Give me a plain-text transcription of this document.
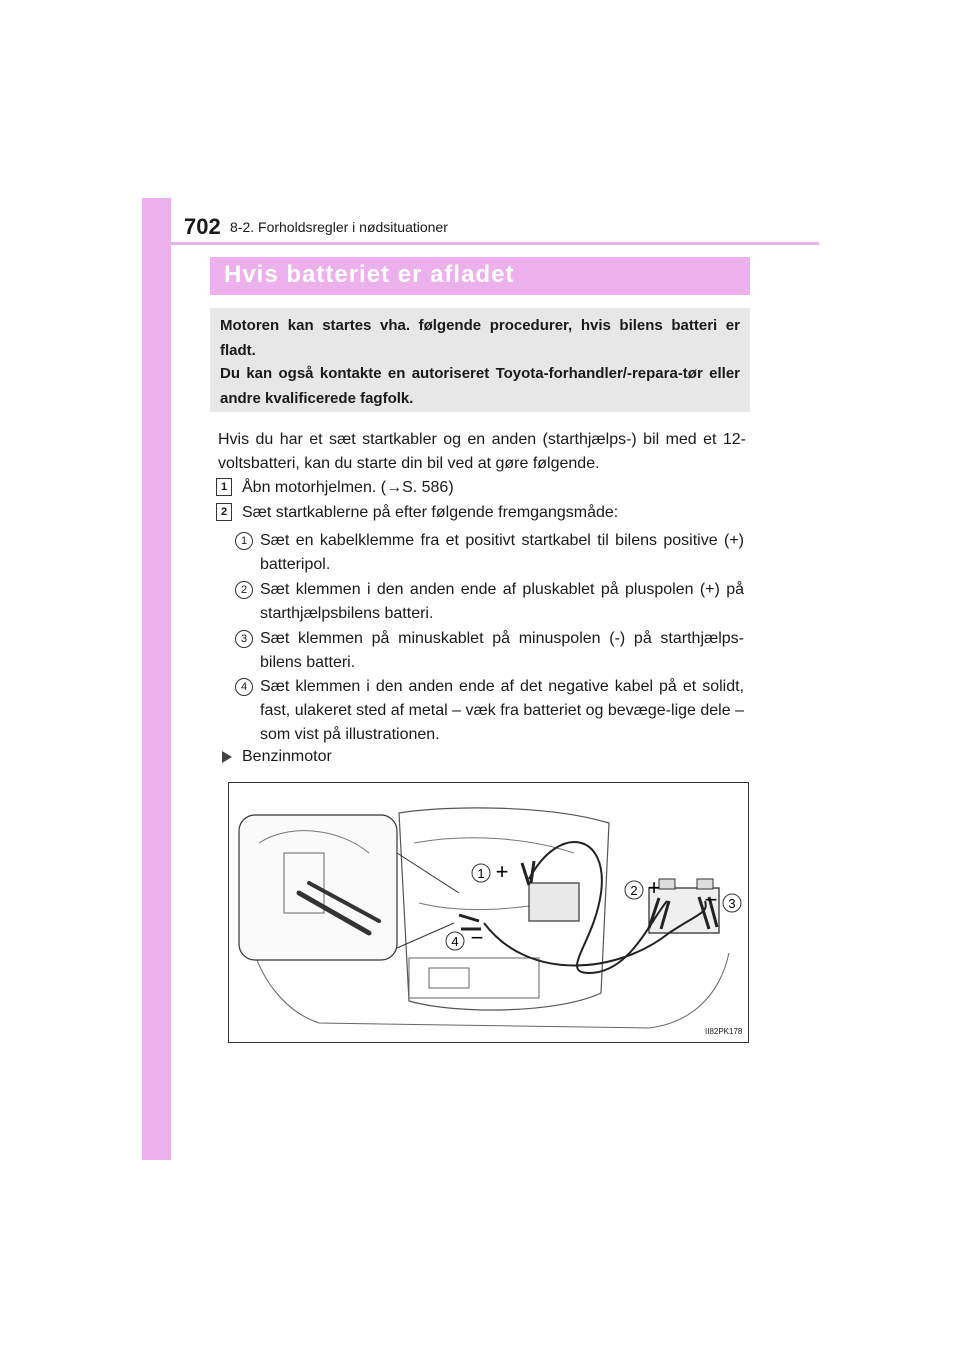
702 8-2. Forholdsregler i nødsituationer
Hvis batteriet er afladet

Motoren kan startes vha. følgende procedurer, hvis bilens batteri er fladt.

Du kan også kontakte en autoriseret Toyota-forhandler/-repara-tør eller andre kvalificerede fagfolk.

Hvis du har et sæt startkabler og en anden (starthjælps-) bil med et 12-voltsbatteri, kan du starte din bil ved at gøre følgende.

1 Åbn motorhjelmen. (→S. 586)

2 Sæt startkablerne på efter følgende fremgangsmåde:

1 Sæt en kabelklemme fra et positivt startkabel til bilens positive (+) batteripol.

2 Sæt klemmen i den anden ende af pluskablet på pluspolen (+) på starthjælpsbilens batteri.

3 Sæt klemmen på minuskablet på minuspolen (-) på starthjælps-bilens batteri.

4 Sæt klemmen i den anden ende af det negative kabel på et solidt, fast, ulakeret sted af metal – væk fra batteriet og bevæge-lige dele – som vist på illustrationen.

Benzinmotor

1 +
2 +
3
−
4 −
II82PK178
